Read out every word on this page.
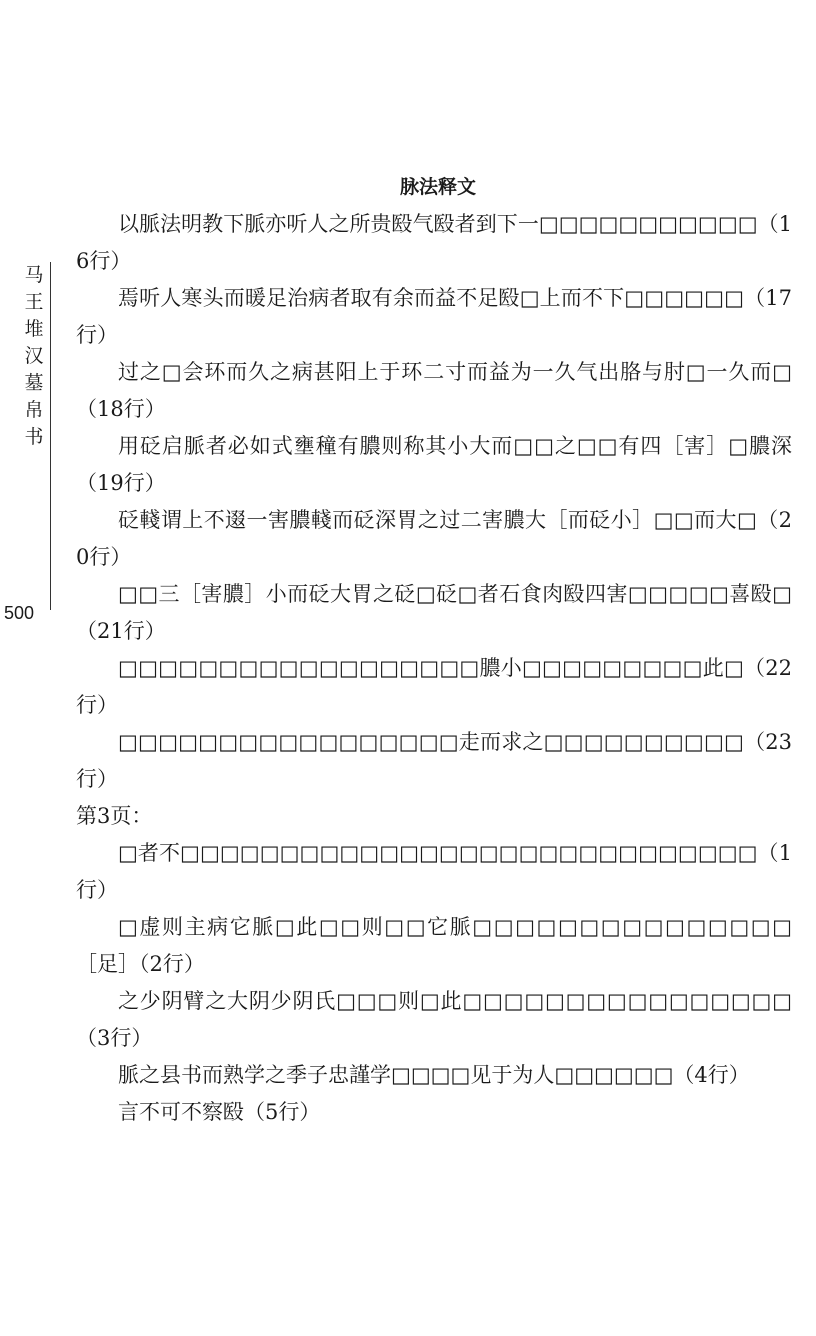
马王堆汉墓帛书
500
脉法释文

以脈法明教下脈亦听人之所贵殹气殹者到下一□□□□□□□□□□□（16行）

焉听人寒头而暖足治病者取有余而益不足殹□上而不下□□□□□□（17行）

过之□会环而久之病甚阳上于环二寸而益为一久气出胳与肘□一久而□（18行）

用砭启脈者必如式壅穜有膿则称其小大而□□之□□有四［害］□膿深（19行）

砭輚谓上不逫一害膿輚而砭深胃之过二害膿大［而砭小］□□而大□（20行）

□□三［害膿］小而砭大胃之砭□砭□者石食肉殹四害□□□□□喜殹□（21行）

□□□□□□□□□□□□□□□□□□膿小□□□□□□□□□此□（22行）

□□□□□□□□□□□□□□□□□走而求之□□□□□□□□□□（23行）

第3页：

□者不□□□□□□□□□□□□□□□□□□□□□□□□□□□□□（1行）

□虚则主病它脈□此□□则□□它脈□□□□□□□□□□□□□□□［足］（2行）

之少阴臂之大阴少阴氏□□□则□此□□□□□□□□□□□□□□□□（3行）

脈之县书而熟学之季子忠謹学□□□□见于为人□□□□□□（4行）

言不可不察殹（5行）
